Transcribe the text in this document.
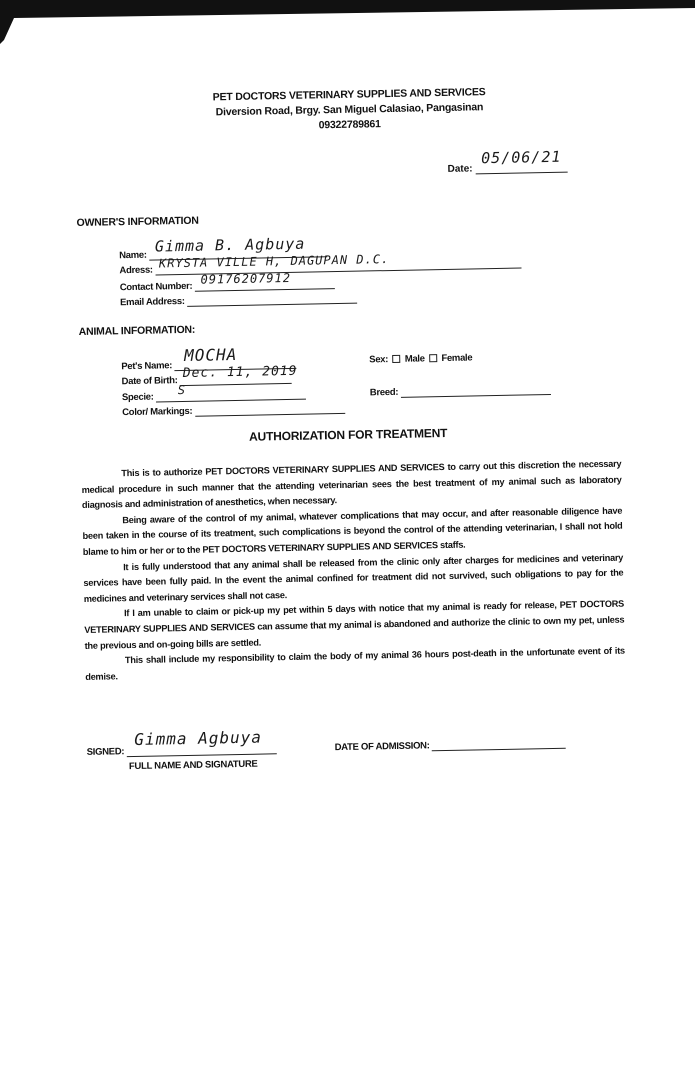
PET DOCTORS VETERINARY SUPPLIES AND SERVICES
Diversion Road, Brgy. San Miguel Calasiao, Pangasinan
09322789861
Date:
05/06/21
OWNER'S INFORMATION
Name: Gimma B. Agbuya
Adress: KRYSTA VILLE H, DAGUPAN D.C.
Contact Number:
09176207912
Email Address:
ANIMAL INFORMATION:
Pet's Name:
MOCHA
Date of Birth:
Dec. 11, 2019
Specie:
S
Color/ Markings:
Sex: Male Female
Breed:
AUTHORIZATION FOR TREATMENT

This is to authorize PET DOCTORS VETERINARY SUPPLIES AND SERVICES to carry out this discretion the necessary medical procedure in such manner that the attending veterinarian sees the best treatment of my animal such as laboratory diagnosis and administration of anesthetics, when necessary.

Being aware of the control of my animal, whatever complications that may occur, and after reasonable diligence have been taken in the course of its treatment, such complications is beyond the control of the attending veterinarian, I shall not hold blame to him or her or to the PET DOCTORS VETERINARY SUPPLIES AND SERVICES staffs.

It is fully understood that any animal shall be released from the clinic only after charges for medicines and veterinary services have been fully paid. In the event the animal confined for treatment did not survived, such obligations to pay for the medicines and veterinary services shall not case.

If I am unable to claim or pick-up my pet within 5 days with notice that my animal is ready for release, PET DOCTORS VETERINARY SUPPLIES AND SERVICES can assume that my animal is abandoned and authorize the clinic to own my pet, unless the previous and on-going bills are settled.

This shall include my responsibility to claim the body of my animal 36 hours post-death in the unfortunate event of its demise.

SIGNED:
Gimma Agbuya
FULL NAME AND SIGNATURE
DATE OF ADMISSION:
